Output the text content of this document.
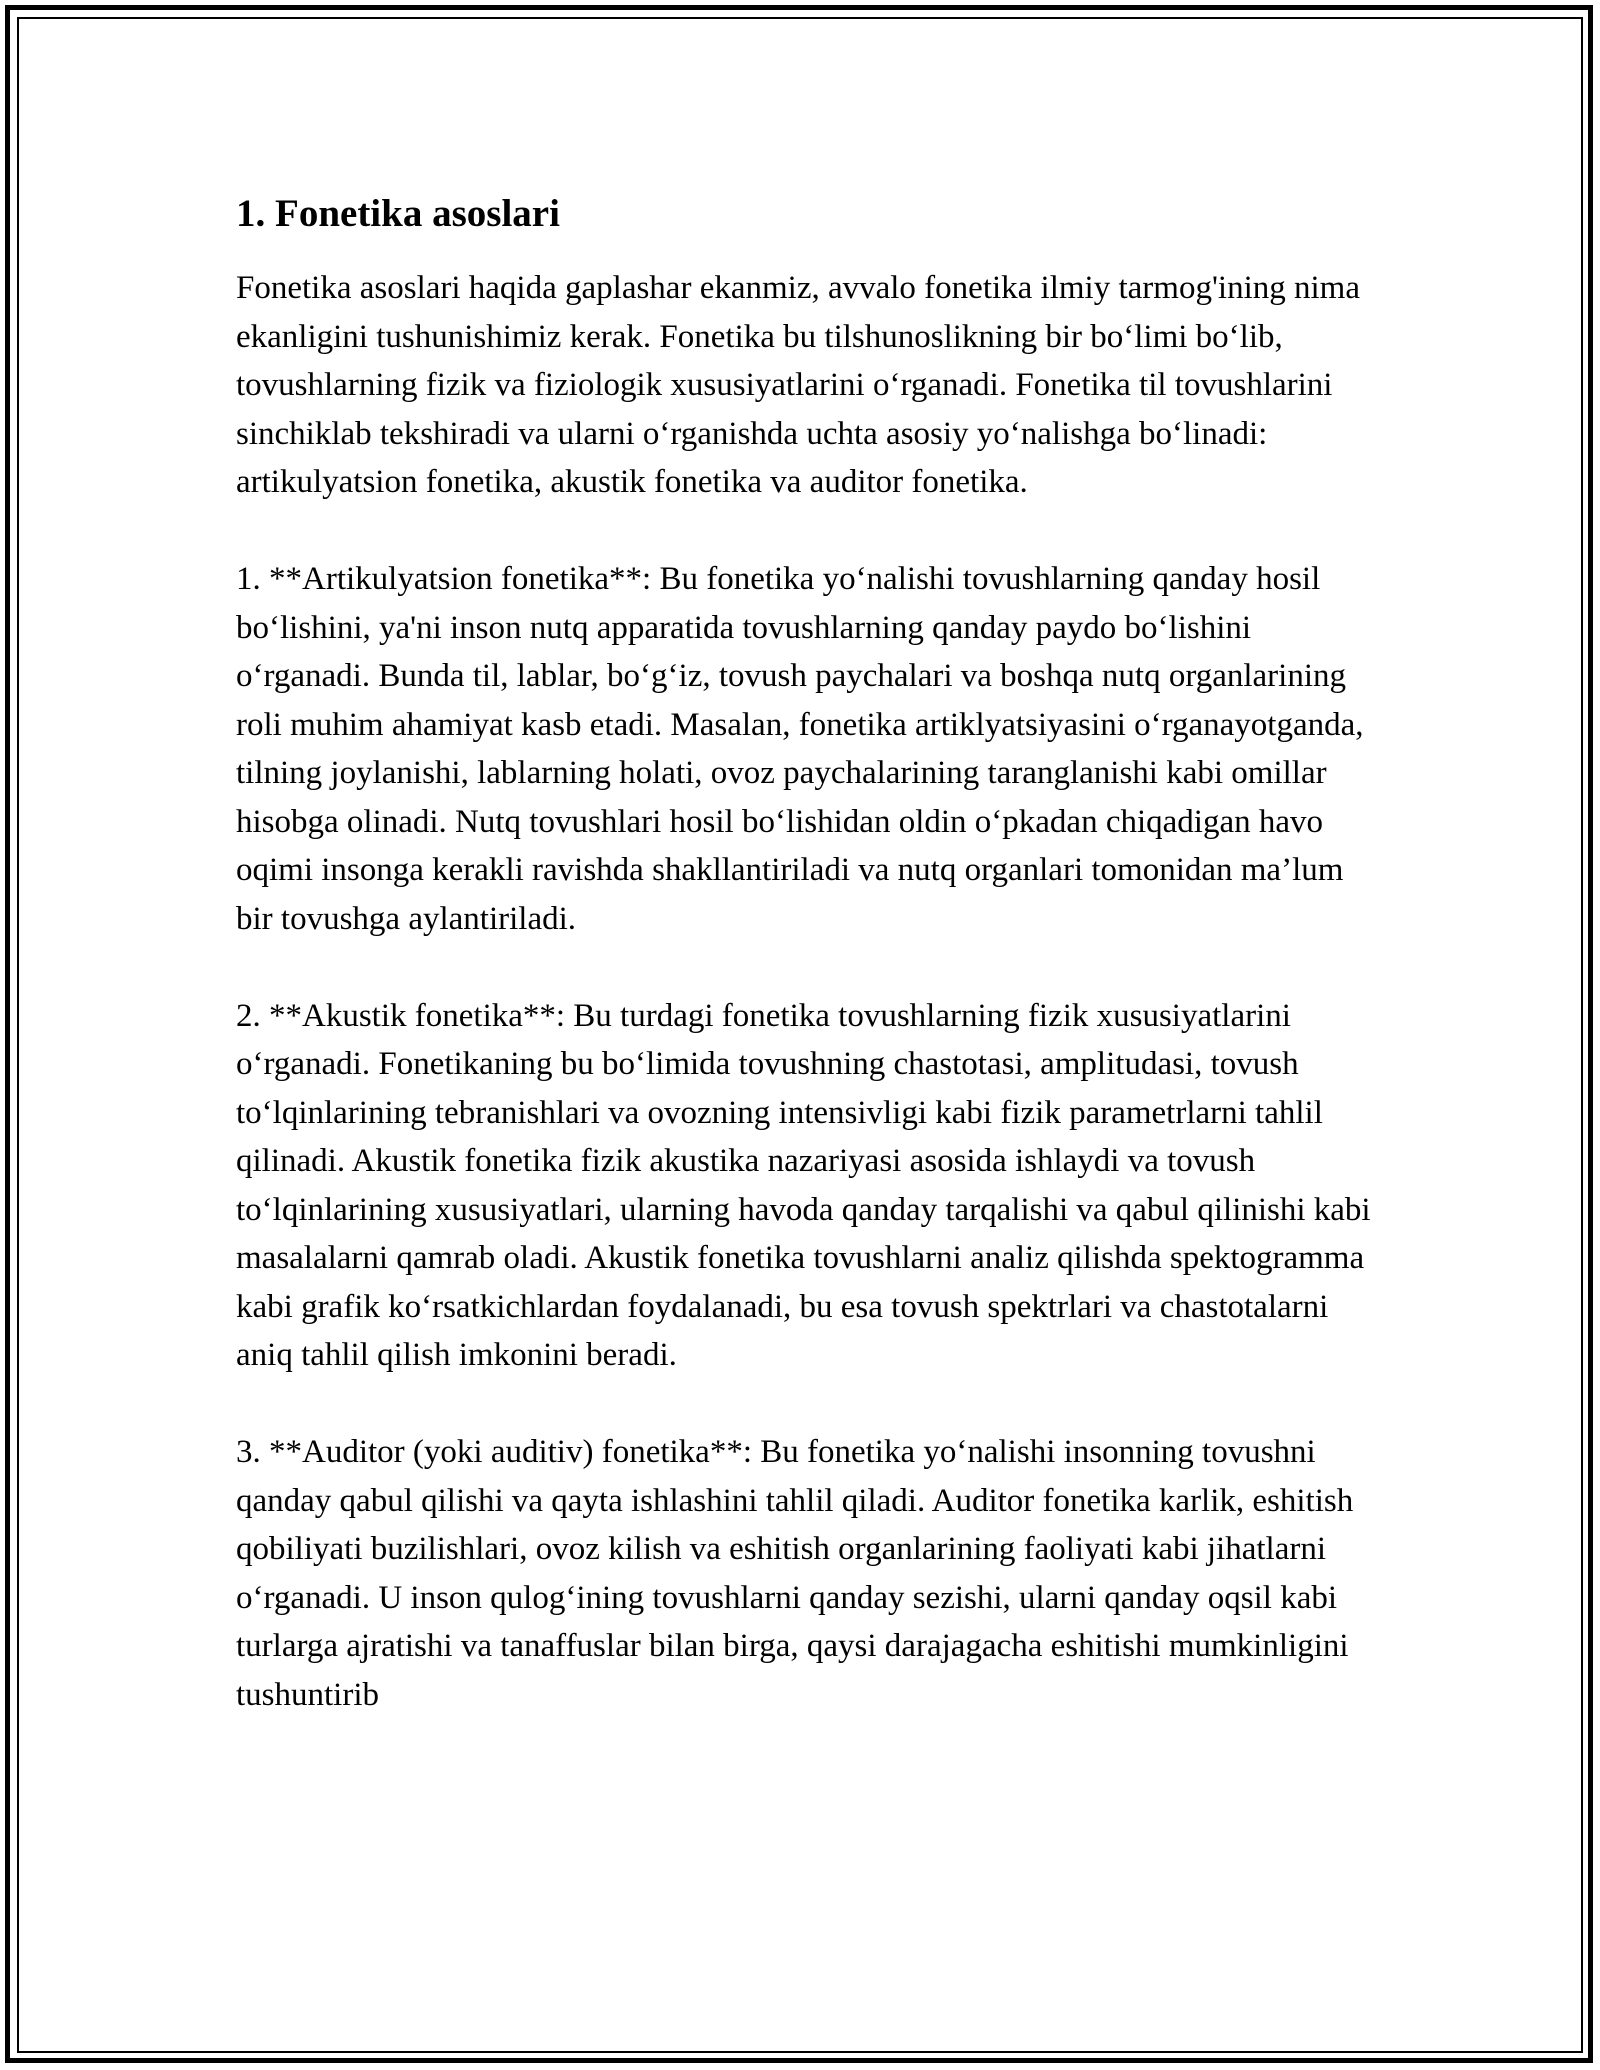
1. Fonetika asoslari

Fonetika asoslari haqida gaplashar ekanmiz, avvalo fonetika ilmiy tarmog'ining nima ekanligini tushunishimiz kerak. Fonetika bu tilshunoslikning bir bo‘limi bo‘lib, tovushlarning fizik va fiziologik xususiyatlarini o‘rganadi. Fonetika til tovushlarini sinchiklab tekshiradi va ularni o‘rganishda uchta asosiy yo‘nalishga bo‘linadi: artikulyatsion fonetika, akustik fonetika va auditor fonetika.

1. **Artikulyatsion fonetika**: Bu fonetika yo‘nalishi tovushlarning qanday hosil bo‘lishini, ya'ni inson nutq apparatida tovushlarning qanday paydo bo‘lishini o‘rganadi. Bunda til, lablar, bo‘g‘iz, tovush paychalari va boshqa nutq organlarining roli muhim ahamiyat kasb etadi. Masalan, fonetika artiklyatsiyasini o‘rganayotganda, tilning joylanishi, lablarning holati, ovoz paychalarining taranglanishi kabi omillar hisobga olinadi. Nutq tovushlari hosil bo‘lishidan oldin o‘pkadan chiqadigan havo oqimi insonga kerakli ravishda shakllantiriladi va nutq organlari tomonidan ma’lum bir tovushga aylantiriladi.

2. **Akustik fonetika**: Bu turdagi fonetika tovushlarning fizik xususiyatlarini o‘rganadi. Fonetikaning bu bo‘limida tovushning chastotasi, amplitudasi, tovush to‘lqinlarining tebranishlari va ovozning intensivligi kabi fizik parametrlarni tahlil qilinadi. Akustik fonetika fizik akustika nazariyasi asosida ishlaydi va tovush to‘lqinlarining xususiyatlari, ularning havoda qanday tarqalishi va qabul qilinishi kabi masalalarni qamrab oladi. Akustik fonetika tovushlarni analiz qilishda spektogramma kabi grafik ko‘rsatkichlardan foydalanadi, bu esa tovush spektrlari va chastotalarni aniq tahlil qilish imkonini beradi.

3. **Auditor (yoki auditiv) fonetika**: Bu fonetika yo‘nalishi insonning tovushni qanday qabul qilishi va qayta ishlashini tahlil qiladi. Auditor fonetika karlik, eshitish qobiliyati buzilishlari, ovoz kilish va eshitish organlarining faoliyati kabi jihatlarni o‘rganadi. U inson qulog‘ining tovushlarni qanday sezishi, ularni qanday oqsil kabi turlarga ajratishi va tanaffuslar bilan birga, qaysi darajagacha eshitishi mumkinligini tushuntirib
